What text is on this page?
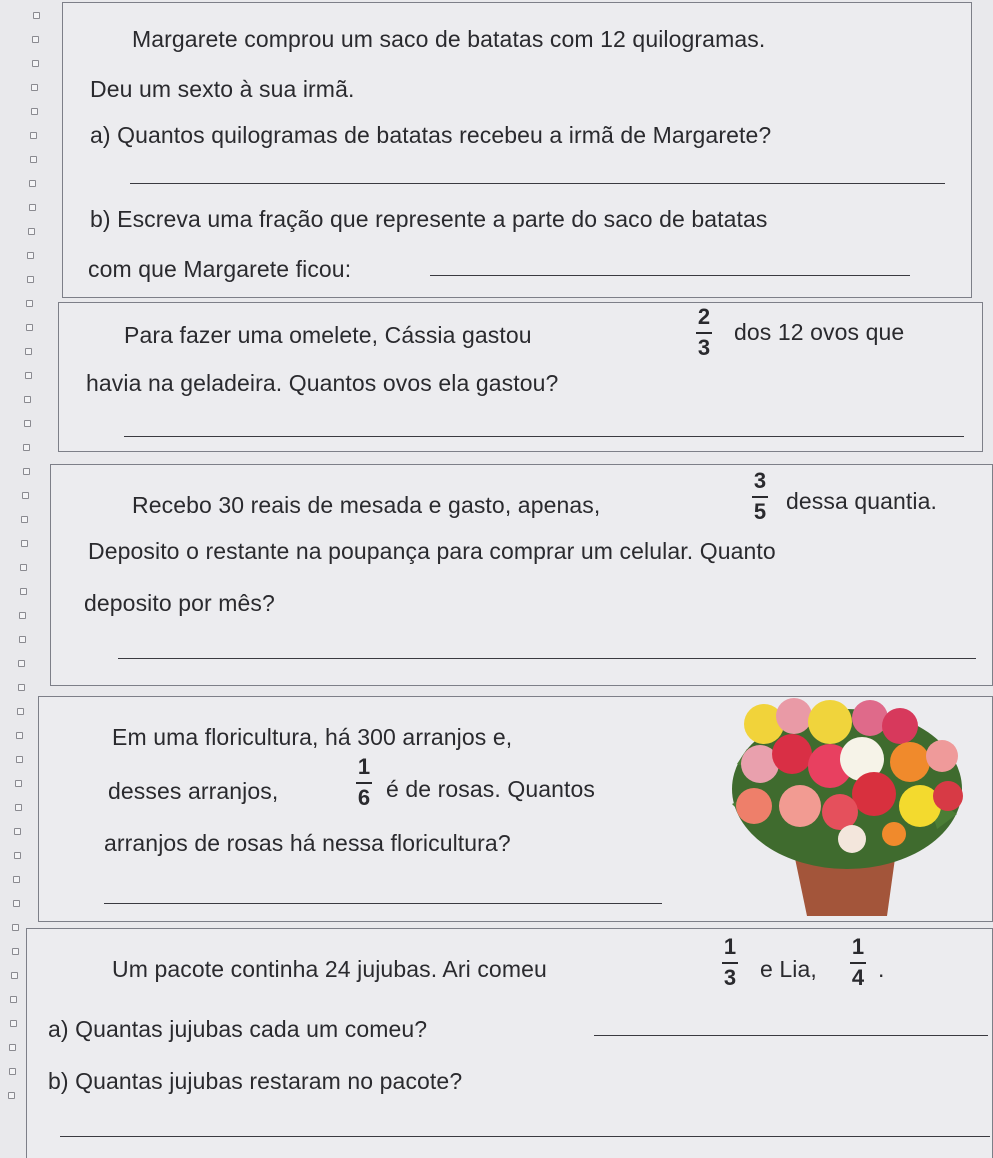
Margarete comprou um saco de batatas com 12 quilogramas.
Deu um sexto à sua irmã.
a) Quantos quilogramas de batatas recebeu a irmã de Margarete?
b) Escreva uma fração que represente a parte do saco de batatas
com que Margarete ficou:
Para fazer uma omelete, Cássia gastou
2
3
dos 12 ovos que
havia na geladeira. Quantos ovos ela gastou?
Recebo 30 reais de mesada e gasto, apenas,
3
5 dessa quantia.
Deposito o restante na poupança para comprar um celular. Quanto
deposito por mês?
Em uma floricultura, há 300 arranjos e,
desses arranjos,
1
6 é de rosas. Quantos
arranjos de rosas há nessa floricultura?
Um pacote continha 24 jujubas. Ari comeu
1
3 e Lia,
1
4 .
a) Quantas jujubas cada um comeu?
b) Quantas jujubas restaram no pacote?
